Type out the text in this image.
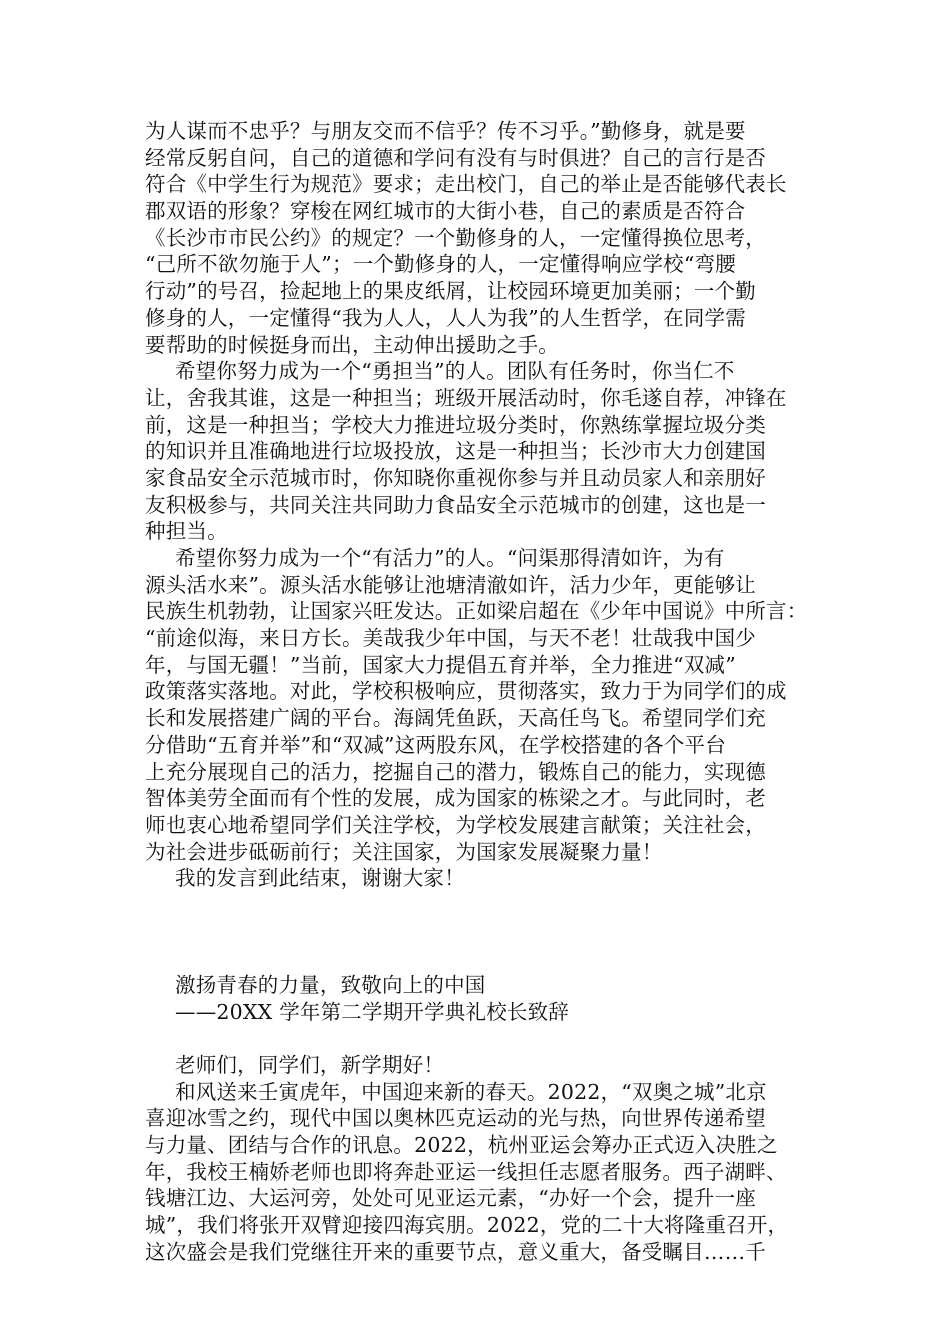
为人谋而不忠乎？与朋友交而不信乎？传不习乎。”勤修身，就是要
经常反躬自问，自己的道德和学问有没有与时俱进？自己的言行是否
符合《中学生行为规范》要求；走出校门，自己的举止是否能够代表长
郡双语的形象？穿梭在网红城市的大街小巷，自己的素质是否符合
《长沙市市民公约》的规定？一个勤修身的人，一定懂得换位思考，
“己所不欲勿施于人”；一个勤修身的人，一定懂得响应学校“弯腰
行动”的号召，捡起地上的果皮纸屑，让校园环境更加美丽；一个勤
修身的人，一定懂得“我为人人，人人为我”的人生哲学，在同学需
要帮助的时候挺身而出，主动伸出援助之手。
希望你努力成为一个“勇担当”的人。团队有任务时，你当仁不
让，舍我其谁，这是一种担当；班级开展活动时，你毛遂自荐，冲锋在
前，这是一种担当；学校大力推进垃圾分类时，你熟练掌握垃圾分类
的知识并且准确地进行垃圾投放，这是一种担当；长沙市大力创建国
家食品安全示范城市时，你知晓你重视你参与并且动员家人和亲朋好
友积极参与，共同关注共同助力食品安全示范城市的创建，这也是一
种担当。
希望你努力成为一个“有活力”的人。“问渠那得清如许，为有
源头活水来”。源头活水能够让池塘清澈如许，活力少年，更能够让
民族生机勃勃，让国家兴旺发达。正如梁启超在《少年中国说》中所言：
“前途似海，来日方长。美哉我少年中国，与天不老！壮哉我中国少
年，与国无疆！”当前，国家大力提倡五育并举，全力推进“双减”
政策落实落地。对此，学校积极响应，贯彻落实，致力于为同学们的成
长和发展搭建广阔的平台。海阔凭鱼跃，天高任鸟飞。希望同学们充
分借助“五育并举”和“双减”这两股东风，在学校搭建的各个平台
上充分展现自己的活力，挖掘自己的潜力，锻炼自己的能力，实现德
智体美劳全面而有个性的发展，成为国家的栋梁之才。与此同时，老
师也衷心地希望同学们关注学校，为学校发展建言献策；关注社会，
为社会进步砥砺前行；关注国家，为国家发展凝聚力量！
我的发言到此结束，谢谢大家！
激扬青春的力量，致敬向上的中国
——20XX 学年第二学期开学典礼校长致辞
老师们，同学们，新学期好！
和风送来壬寅虎年，中国迎来新的春天。2022，“双奥之城”北京
喜迎冰雪之约，现代中国以奥林匹克运动的光与热，向世界传递希望
与力量、团结与合作的讯息。2022，杭州亚运会筹办正式迈入决胜之
年，我校王楠娇老师也即将奔赴亚运一线担任志愿者服务。西子湖畔、
钱塘江边、大运河旁，处处可见亚运元素，“办好一个会，提升一座
城”，我们将张开双臂迎接四海宾朋。2022，党的二十大将隆重召开，
这次盛会是我们党继往开来的重要节点，意义重大，备受瞩目……千
